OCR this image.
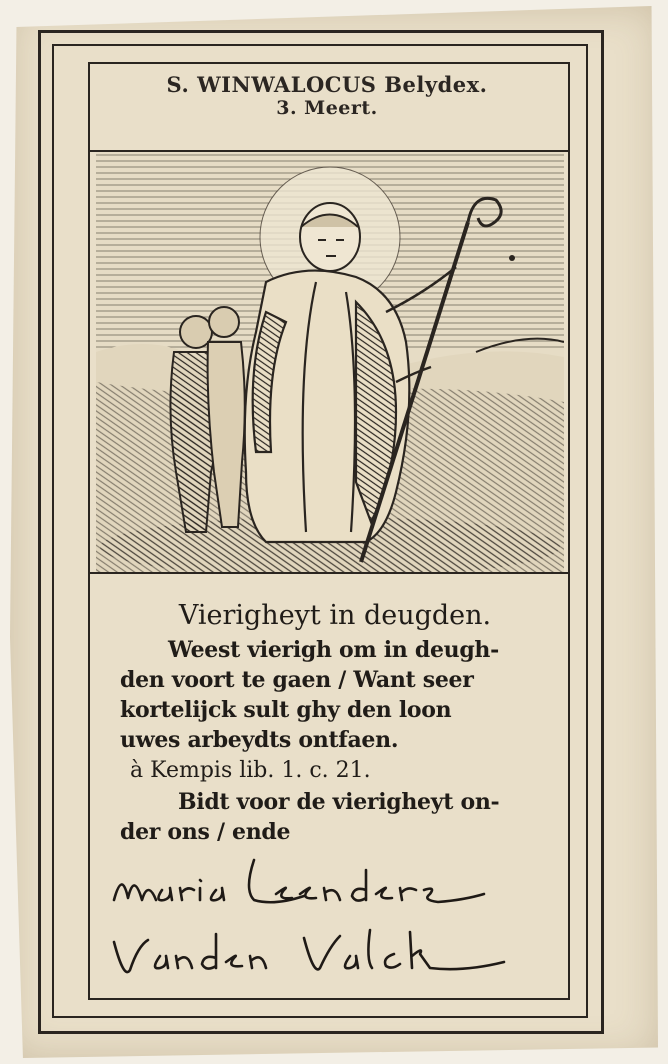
S. WINWALOCUS Belydex.
3. Meert.
Vierigheyt in deugden.
Weest vierigh om in deugh-
den voort te gaen / Want seer
kortelijck sult ghy den loon
uwes arbeydts ontfaen.
à Kempis lib. 1. c. 21.
Bidt voor de vierigheyt on-
der ons / ende
